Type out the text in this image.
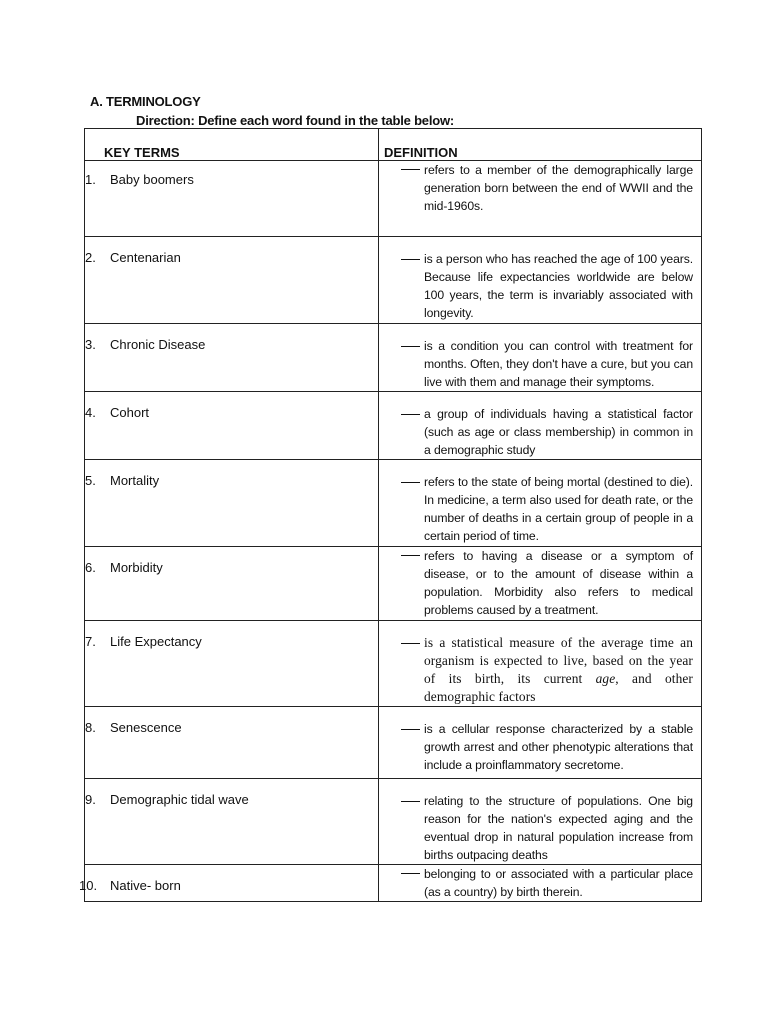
A. TERMINOLOGY
Direction: Define each word found in the table below:
KEY TERMS	DEFINITION

1. Baby boomers	refers to a member of the demographically large generation born between the end of WWII and the mid-1960s.

2. Centenarian	is a person who has reached the age of 100 years. Because life expectancies worldwide are below 100 years, the term is invariably associated with longevity.

3. Chronic Disease	is a condition you can control with treatment for months. Often, they don't have a cure, but you can live with them and manage their symptoms.

4. Cohort	a group of individuals having a statistical factor (such as age or class membership) in common in a demographic study

5. Mortality	refers to the state of being mortal (destined to die). In medicine, a term also used for death rate, or the number of deaths in a certain group of people in a certain period of time.

6. Morbidity	refers to having a disease or a symptom of disease, or to the amount of disease within a population. Morbidity also refers to medical problems caused by a treatment.

7. Life Expectancy	is a statistical measure of the average time an organism is expected to live, based on the year of its birth, its current age, and other demographic factors

8. Senescence	is a cellular response characterized by a stable growth arrest and other phenotypic alterations that include a proinflammatory secretome.

9. Demographic tidal wave	relating to the structure of populations. One big reason for the nation's expected aging and the eventual drop in natural population increase from births outpacing deaths

10. Native- born	belonging to or associated with a particular place (as a country) by birth therein.
